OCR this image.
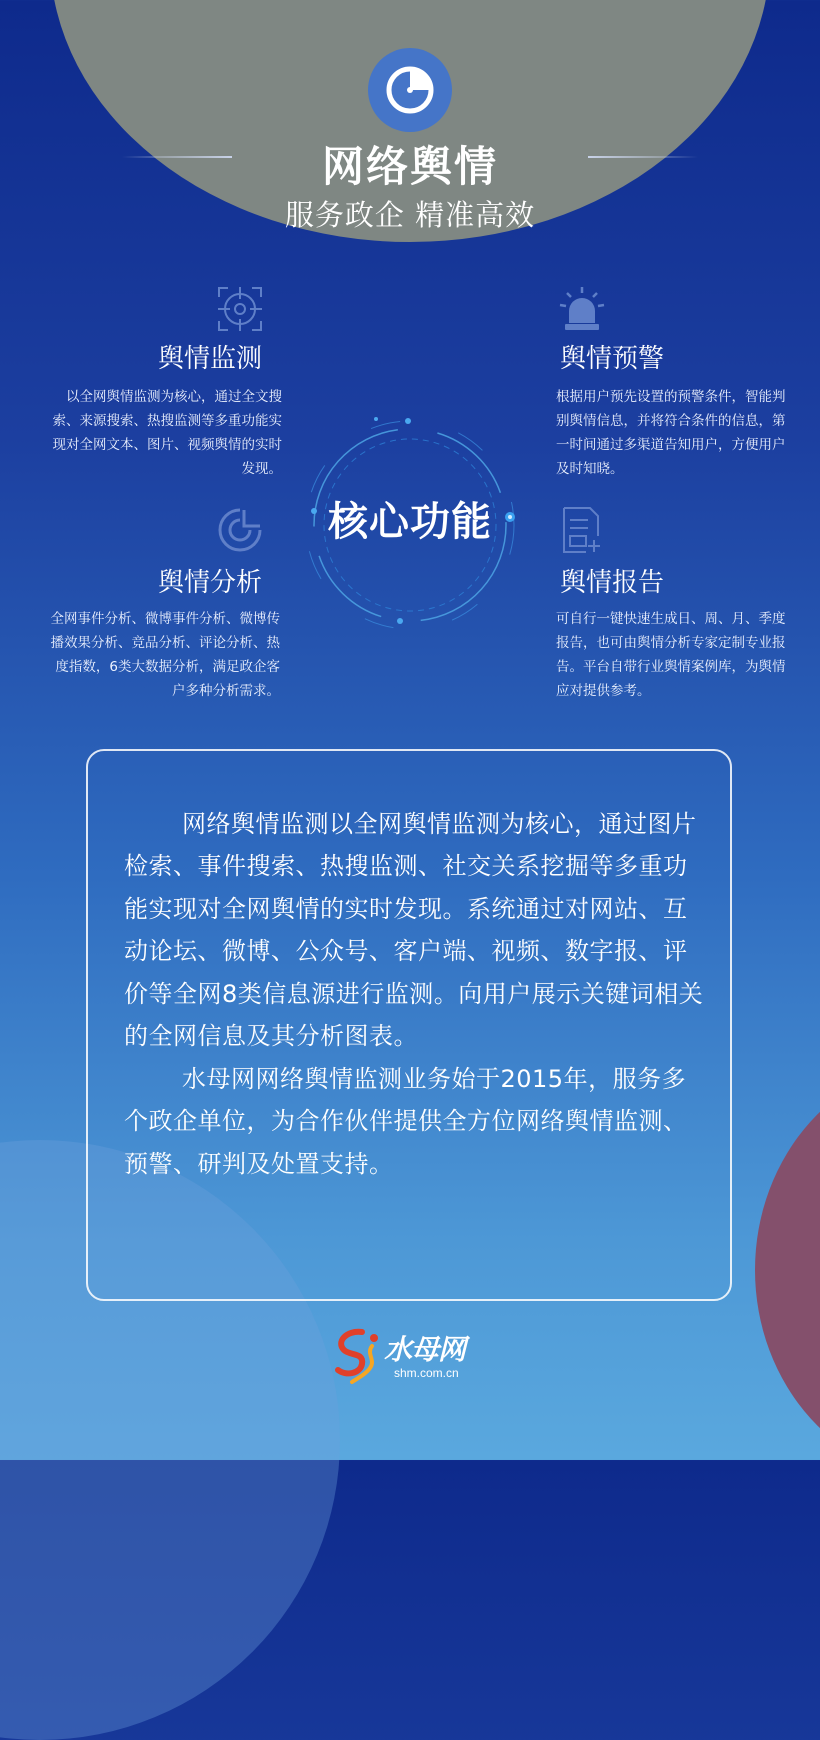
网络舆情
服务政企 精准高效
舆情监测
以全网舆情监测为核心，通过全文搜索、来源搜索、热搜监测等多重功能实现对全网文本、图片、视频舆情的实时发现。
舆情预警
根据用户预先设置的预警条件，智能判别舆情信息，并将符合条件的信息，第一时间通过多渠道告知用户，方便用户及时知晓。
舆情分析
全网事件分析、微博事件分析、微博传播效果分析、竞品分析、评论分析、热度指数，6类大数据分析，满足政企客户多种分析需求。
舆情报告
可自行一键快速生成日、周、月、季度报告，也可由舆情分析专家定制专业报告。平台自带行业舆情案例库，为舆情应对提供参考。
核心功能
网络舆情监测以全网舆情监测为核心，通过图片检索、事件搜索、热搜监测、社交关系挖掘等多重功能实现对全网舆情的实时发现。系统通过对网站、互动论坛、微博、公众号、客户端、视频、数字报、评价等全网8类信息源进行监测。向用户展示关键词相关的全网信息及其分析图表。
水母网网络舆情监测业务始于2015年，服务多个政企单位，为合作伙伴提供全方位网络舆情监测、预警、研判及处置支持。
水母网
shm.com.cn
